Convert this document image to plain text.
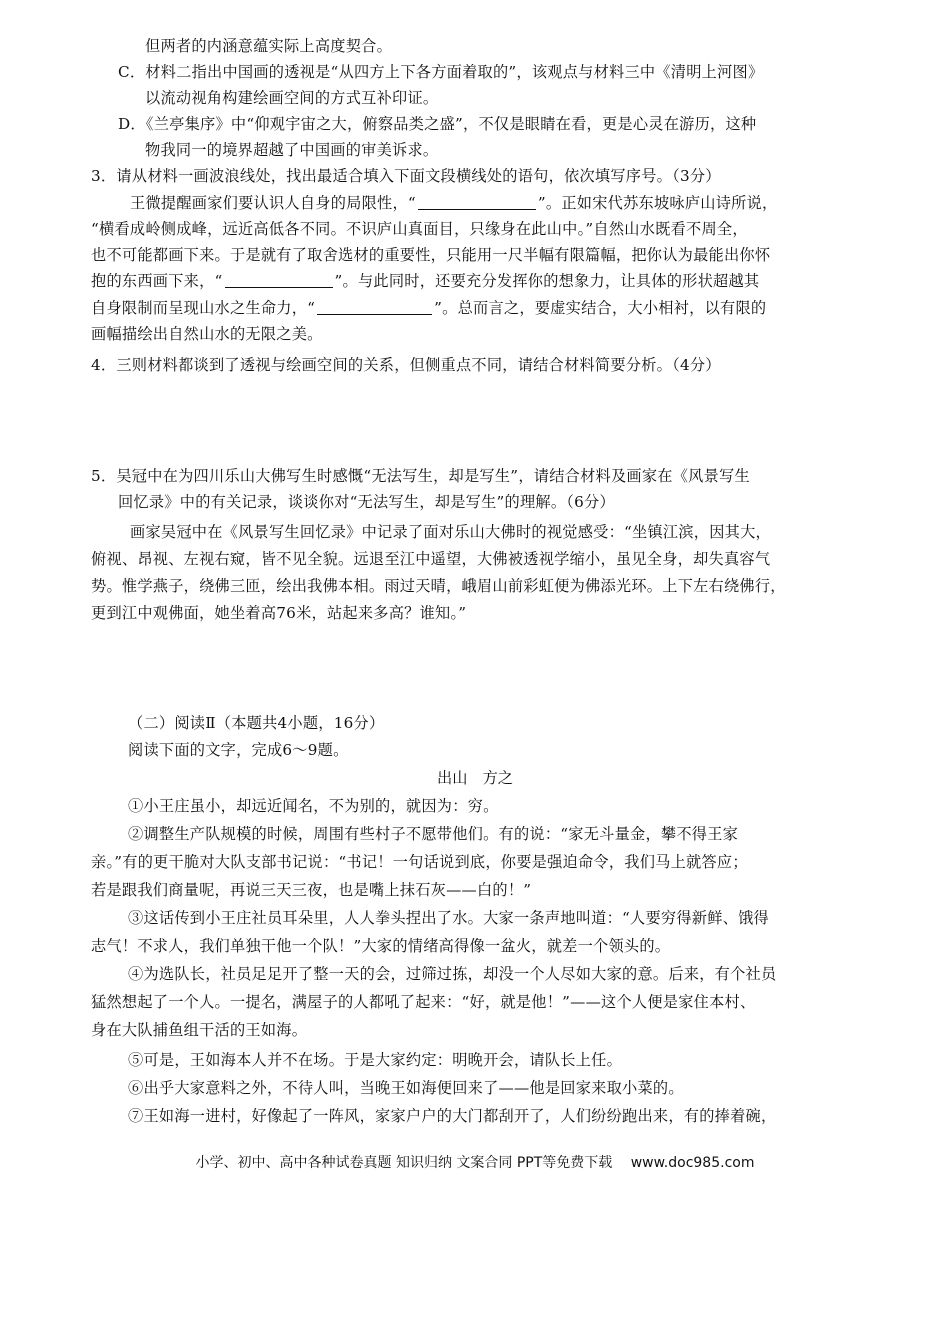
但两者的内涵意蕴实际上高度契合。
C．材料二指出中国画的透视是“从四方上下各方面着取的”，该观点与材料三中《清明上河图》
以流动视角构建绘画空间的方式互补印证。
D．《兰亭集序》中“仰观宇宙之大，俯察品类之盛”，不仅是眼睛在看，更是心灵在游历，这种
物我同一的境界超越了中国画的审美诉求。
3．请从材料一画波浪线处，找出最适合填入下面文段横线处的语句，依次填写序号。（3分）
王微提醒画家们要认识人自身的局限性，“	”。正如宋代苏东坡咏庐山诗所说，
“横看成岭侧成峰，远近高低各不同。不识庐山真面目，只缘身在此山中。”自然山水既看不周全，
也不可能都画下来。于是就有了取舍选材的重要性，只能用一尺半幅有限篇幅，把你认为最能出你怀
抱的东西画下来，“	”。与此同时，还要充分发挥你的想象力，让具体的形状超越其
自身限制而呈现山水之生命力，“	”。总而言之，要虚实结合，大小相衬，以有限的
画幅描绘出自然山水的无限之美。
4．三则材料都谈到了透视与绘画空间的关系，但侧重点不同，请结合材料简要分析。（4分）
5．吴冠中在为四川乐山大佛写生时感慨“无法写生，却是写生”，请结合材料及画家在《风景写生
回忆录》中的有关记录，谈谈你对“无法写生，却是写生”的理解。（6分）
画家吴冠中在《风景写生回忆录》中记录了面对乐山大佛时的视觉感受：“坐镇江滨，因其大，
俯视、昂视、左视右窥，皆不见全貌。远退至江中遥望，大佛被透视学缩小，虽见全身，却失真容气
势。惟学燕子，绕佛三匝，绘出我佛本相。雨过天晴，峨眉山前彩虹便为佛添光环。上下左右绕佛行，
更到江中观佛面，她坐着高76米，站起来多高？谁知。”
（二）阅读Ⅱ（本题共4小题，16分）
阅读下面的文字，完成6～9题。
出山　方之
①小王庄虽小，却远近闻名，不为别的，就因为：穷。
②调整生产队规模的时候，周围有些村子不愿带他们。有的说：“家无斗量金，攀不得王家
亲。”有的更干脆对大队支部书记说：“书记！一句话说到底，你要是强迫命令，我们马上就答应；
若是跟我们商量呢，再说三天三夜，也是嘴上抹石灰——白的！”
③这话传到小王庄社员耳朵里，人人拳头捏出了水。大家一条声地叫道：“人要穷得新鲜、饿得
志气！不求人，我们单独干他一个队！”大家的情绪高得像一盆火，就差一个领头的。
④为选队长，社员足足开了整一天的会，过筛过拣，却没一个人尽如大家的意。后来，有个社员
猛然想起了一个人。一提名，满屋子的人都吼了起来：“好，就是他！”——这个人便是家住本村、
身在大队捕鱼组干活的王如海。
⑤可是，王如海本人并不在场。于是大家约定：明晚开会，请队长上任。
⑥出乎大家意料之外，不待人叫，当晚王如海便回来了——他是回家来取小菜的。
⑦王如海一进村，好像起了一阵风，家家户户的大门都刮开了，人们纷纷跑出来，有的捧着碗，
小学、初中、高中各种试卷真题 知识归纳 文案合同 PPT等免费下载　 www.doc985.com
